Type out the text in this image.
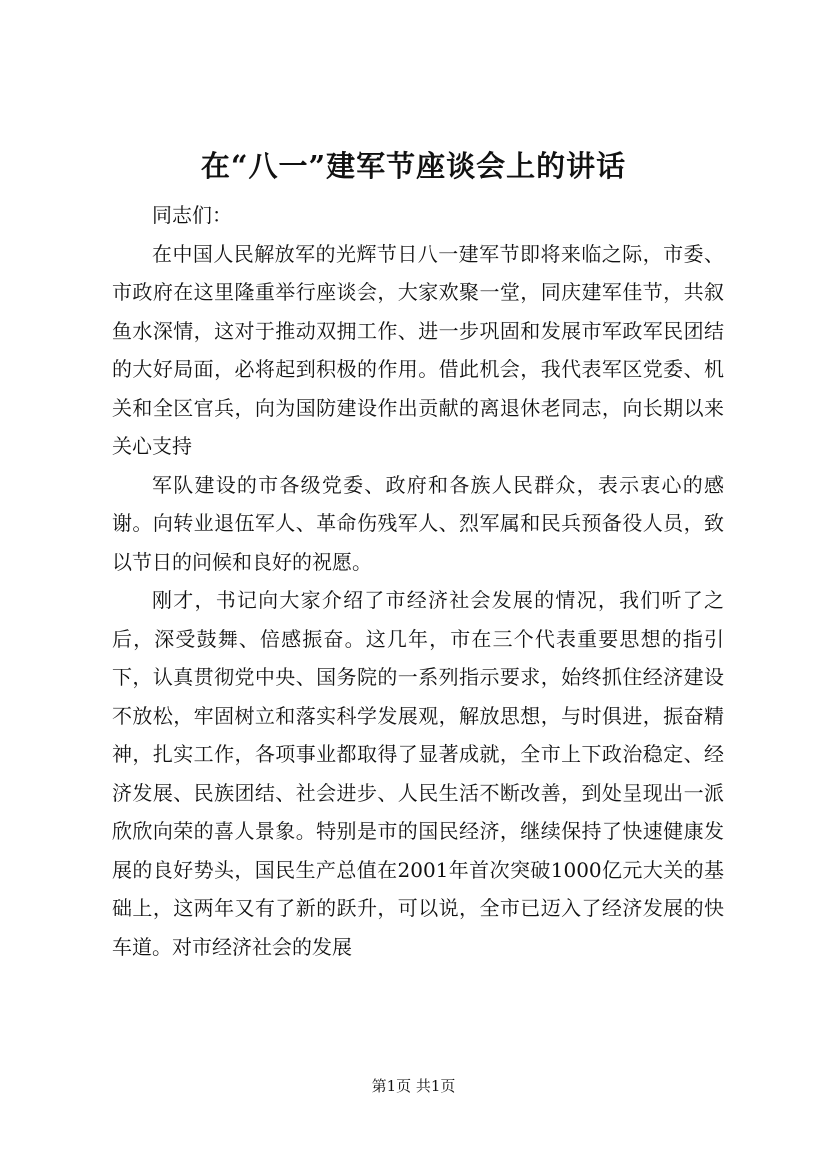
在“八一”建军节座谈会上的讲话

同志们：

在中国人民解放军的光辉节日八一建军节即将来临之际，市委、市政府在这里隆重举行座谈会，大家欢聚一堂，同庆建军佳节，共叙鱼水深情，这对于推动双拥工作、进一步巩固和发展市军政军民团结的大好局面，必将起到积极的作用。借此机会，我代表军区党委、机关和全区官兵，向为国防建设作出贡献的离退休老同志，向长期以来关心支持

军队建设的市各级党委、政府和各族人民群众，表示衷心的感谢。向转业退伍军人、革命伤残军人、烈军属和民兵预备役人员，致以节日的问候和良好的祝愿。

刚才，书记向大家介绍了市经济社会发展的情况，我们听了之后，深受鼓舞、倍感振奋。这几年，市在三个代表重要思想的指引下，认真贯彻党中央、国务院的一系列指示要求，始终抓住经济建设不放松，牢固树立和落实科学发展观，解放思想，与时俱进，振奋精神，扎实工作，各项事业都取得了显著成就，全市上下政治稳定、经济发展、民族团结、社会进步、人民生活不断改善，到处呈现出一派欣欣向荣的喜人景象。特别是市的国民经济，继续保持了快速健康发展的良好势头，国民生产总值在2001年首次突破1000亿元大关的基础上，这两年又有了新的跃升，可以说，全市已迈入了经济发展的快车道。对市经济社会的发展

第1页 共1页
